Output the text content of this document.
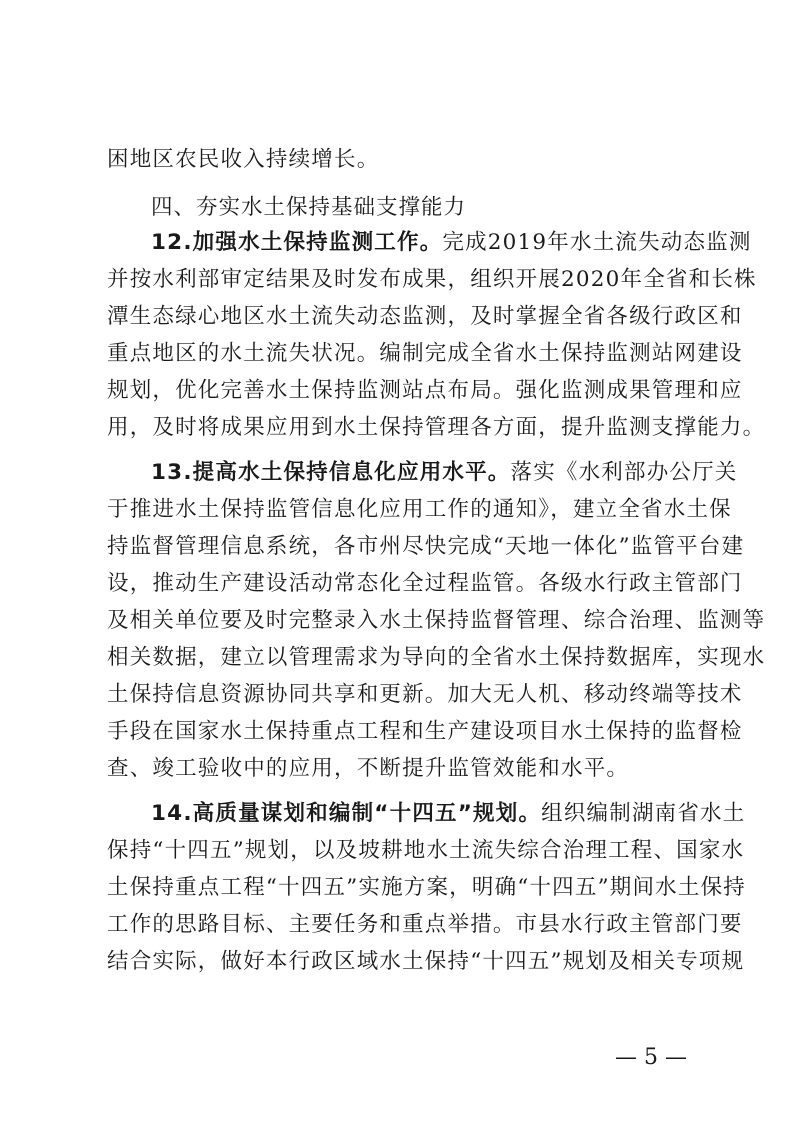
困地区农民收入持续增长。
四、夯实水土保持基础支撑能力
12.加强水土保持监测工作。完成2019年水土流失动态监测
并按水利部审定结果及时发布成果，组织开展2020年全省和长株
潭生态绿心地区水土流失动态监测，及时掌握全省各级行政区和
重点地区的水土流失状况。编制完成全省水土保持监测站网建设
规划，优化完善水土保持监测站点布局。强化监测成果管理和应
用，及时将成果应用到水土保持管理各方面，提升监测支撑能力。
13.提高水土保持信息化应用水平。落实《水利部办公厅关
于推进水土保持监管信息化应用工作的通知》，建立全省水土保
持监督管理信息系统，各市州尽快完成“天地一体化”监管平台建
设，推动生产建设活动常态化全过程监管。各级水行政主管部门
及相关单位要及时完整录入水土保持监督管理、综合治理、监测等
相关数据，建立以管理需求为导向的全省水土保持数据库，实现水
土保持信息资源协同共享和更新。加大无人机、移动终端等技术
手段在国家水土保持重点工程和生产建设项目水土保持的监督检
查、竣工验收中的应用，不断提升监管效能和水平。
14.高质量谋划和编制“十四五”规划。组织编制湖南省水土
保持“十四五”规划，以及坡耕地水土流失综合治理工程、国家水
土保持重点工程“十四五”实施方案，明确“十四五”期间水土保持
工作的思路目标、主要任务和重点举措。市县水行政主管部门要
结合实际，做好本行政区域水土保持“十四五”规划及相关专项规
— 5 —
